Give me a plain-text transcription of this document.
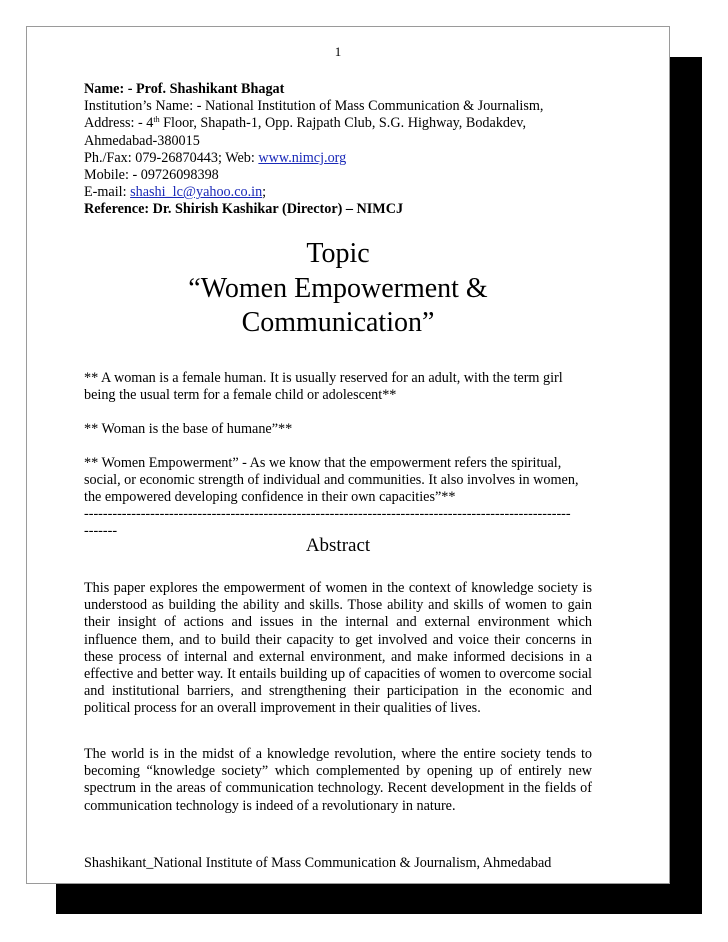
1
Name: - Prof. Shashikant Bhagat
Institution’s Name: - National Institution of Mass Communication & Journalism,
Address: - 4th Floor, Shapath-1, Opp. Rajpath Club, S.G. Highway, Bodakdev,
Ahmedabad-380015
Ph./Fax: 079-26870443; Web: www.nimcj.org
Mobile: - 09726098398
E-mail: shashi_lc@yahoo.co.in;
Reference: Dr. Shirish Kashikar (Director) – NIMCJ
Topic
“Women Empowerment &
Communication”
** A woman is a female human. It is usually reserved for an adult, with the term girl being the usual term for a female child or adolescent**
** Woman is the base of humane”**
** Women Empowerment” - As we know that the empowerment refers the spiritual, social, or economic strength of individual and communities. It also involves in women, the empowered developing confidence in their own capacities”**
-------------------------------------------------------------------------------------------------------
-------
Abstract
This paper explores the empowerment of women in the context of knowledge society is understood as building the ability and skills. Those ability and skills of women to gain their insight of actions and issues in the internal and external environment which influence them, and to build their capacity to get involved and voice their concerns in these process of internal and external environment, and make informed decisions in a effective and better way. It entails building up of capacities of women to overcome social and institutional barriers, and strengthening their participation in the economic and political process for an overall improvement in their qualities of lives.
The world is in the midst of a knowledge revolution, where the entire society tends to becoming “knowledge society” which complemented by opening up of entirely new spectrum in the areas of communication technology. Recent development in the fields of communication technology is indeed of a revolutionary in nature.
Shashikant_National Institute of Mass Communication & Journalism, Ahmedabad
